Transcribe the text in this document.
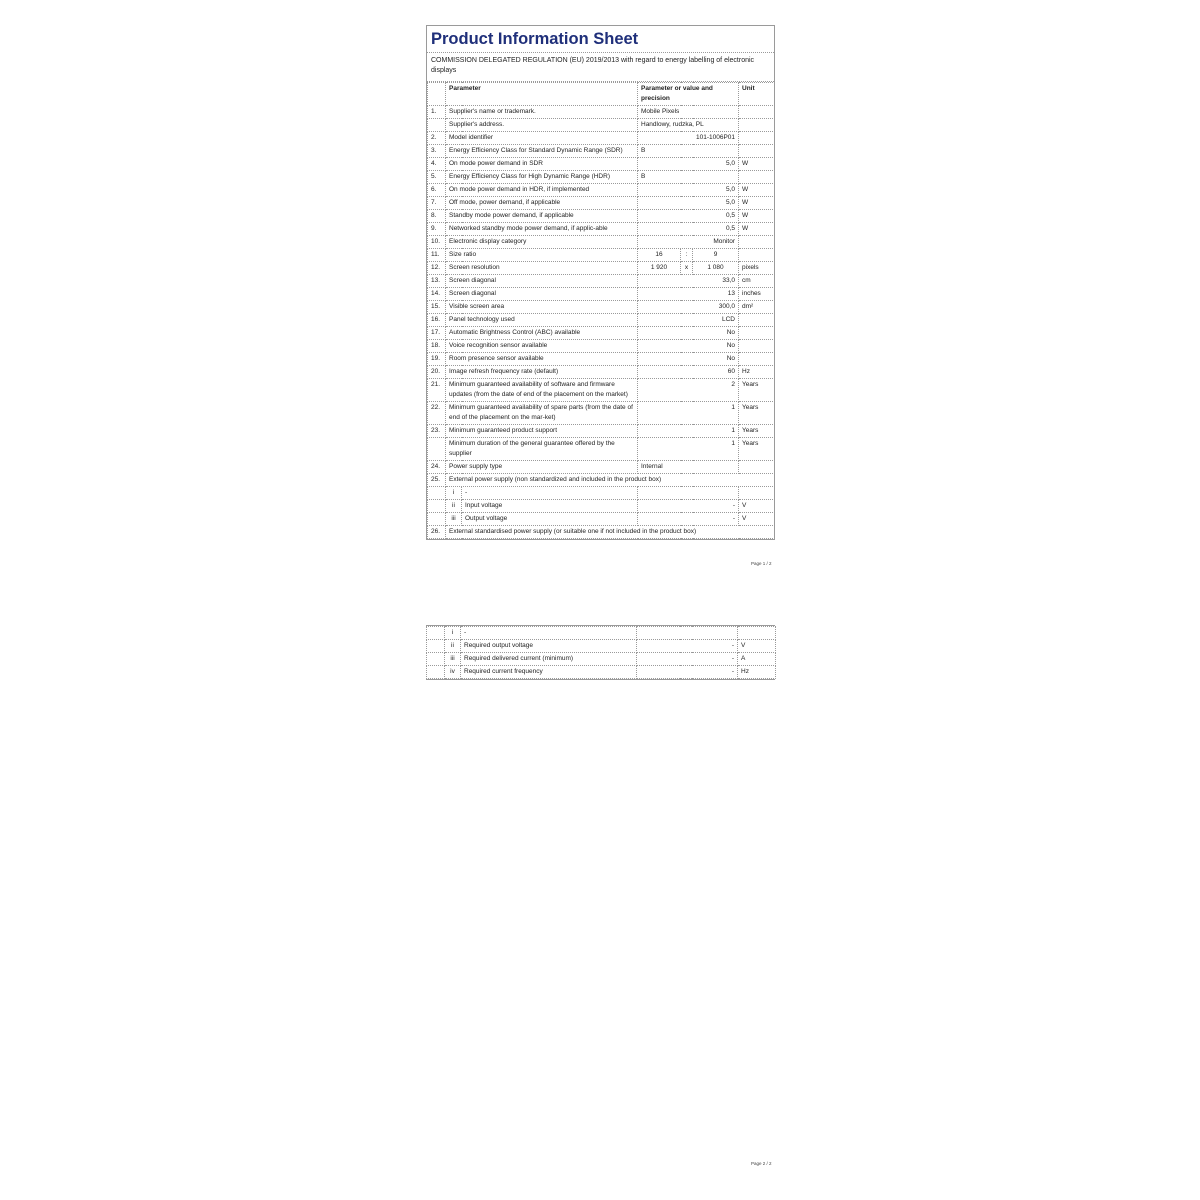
Product Information Sheet
COMMISSION DELEGATED REGULATION (EU) 2019/2013 with regard to energy labelling of electronic displays
	Parameter		Parameter or value and precision			Unit
1.	Supplier's name or trademark.		Mobile Pixels			
	Supplier's address.		Handlowy, rudzka, PL			
2.	Model identifier		101-1006P01			
3.	Energy Efficiency Class for Standard Dynamic Range (SDR)		B			
4.	On mode power demand in SDR		5,0			W
5.	Energy Efficiency Class for High Dynamic Range (HDR)		B			
6.	On mode power demand in HDR, if implemented		5,0			W
7.	Off mode, power demand, if applicable		5,0			W
8.	Standby mode power demand, if applicable		0,5			W
9.	Networked standby mode power demand, if applic-able		0,5			W
10.	Electronic display category		Monitor			
11.	Size ratio		16	:	9	
12.	Screen resolution		1 920	x	1 080	pixels
13.	Screen diagonal		33,0			cm
14.	Screen diagonal		13			inches
15.	Visible screen area		300,0			dm²
16.	Panel technology used		LCD			
17.	Automatic Brightness Control (ABC) available		No			
18.	Voice recognition sensor available		No			
19.	Room presence sensor available		No			
20.	Image refresh frequency rate (default)		60			Hz
21.	Minimum guaranteed availability of software and firmware updates (from the date of end of the placement on the market)		2			Years
22.	Minimum guaranteed availability of spare parts (from the date of end of the placement on the mar-ket)		1			Years
23.	Minimum guaranteed product support		1			Years
	Minimum duration of the general guarantee offered by the supplier		1			Years
24.	Power supply type		Internal			
25.	External power supply (non standardized and included in the product box)					
	i	-				
	ii	Input voltage	-			V
	iii	Output voltage	-			V
26.	External standardised power supply (or suitable one if not included in the product box)					
Page 1 / 2
	i	-		
	ii	Required output voltage	-	V
	iii	Required delivered current (minimum)	-	A
	iv	Required current frequency	-	Hz
Page 2 / 2
